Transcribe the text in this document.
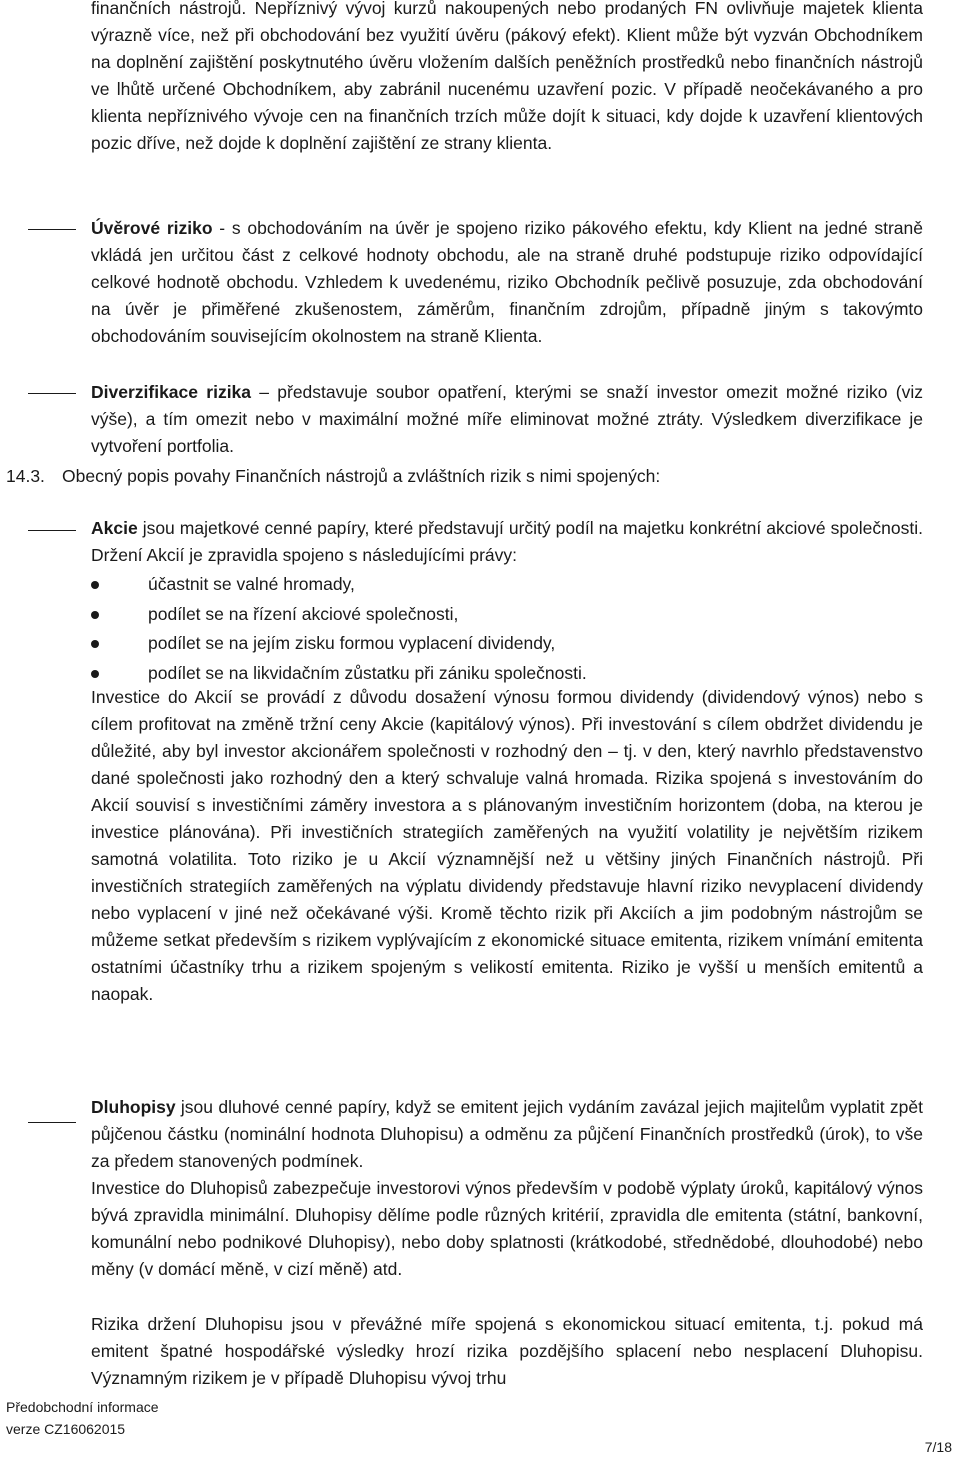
finančních nástrojů. Nepříznivý vývoj kurzů nakoupených nebo prodaných FN ovlivňuje majetek klienta výrazně více, než při obchodování bez využití úvěru (pákový efekt). Klient může být vyzván Obchodníkem na doplnění zajištění poskytnutého úvěru vložením dalších peněžních prostředků nebo finančních nástrojů ve lhůtě určené Obchodníkem, aby zabránil nucenému uzavření pozic. V případě neočekávaného a pro klienta nepříznivého vývoje cen na finančních trzích může dojít k situaci, kdy dojde k uzavření klientových pozic dříve, než dojde k doplnění zajištění ze strany klienta.

Úvěrové riziko - s obchodováním na úvěr je spojeno riziko pákového efektu, kdy Klient na jedné straně vkládá jen určitou část z celkové hodnoty obchodu, ale na straně druhé podstupuje riziko odpovídající celkové hodnotě obchodu. Vzhledem k uvedenému, riziko Obchodník pečlivě posuzuje, zda obchodování na úvěr je přiměřené zkušenostem, záměrům, finančním zdrojům, případně jiným s takovýmto obchodováním souvisejícím okolnostem na straně Klienta.

Diverzifikace rizika – představuje soubor opatření, kterými se snaží investor omezit možné riziko (viz výše), a tím omezit nebo v maximální možné míře eliminovat možné ztráty. Výsledkem diverzifikace je vytvoření portfolia.

14.3. Obecný popis povahy Finančních nástrojů a zvláštních rizik s nimi spojených:

Akcie jsou majetkové cenné papíry, které představují určitý podíl na majetku konkrétní akciové společnosti. Držení Akcií je zpravidla spojeno s následujícími právy:

účastnit se valné hromady,
podílet se na řízení akciové společnosti,
podílet se na jejím zisku formou vyplacení dividendy,
podílet se na likvidačním zůstatku při zániku společnosti.

Investice do Akcií se provádí z důvodu dosažení výnosu formou dividendy (dividendový výnos) nebo s cílem profitovat na změně tržní ceny Akcie (kapitálový výnos). Při investování s cílem obdržet dividendu je důležité, aby byl investor akcionářem společnosti v rozhodný den – tj. v den, který navrhlo představenstvo dané společnosti jako rozhodný den a který schvaluje valná hromada. Rizika spojená s investováním do Akcií souvisí s investičními záměry investora a s plánovaným investičním horizontem (doba, na kterou je investice plánována). Při investičních strategiích zaměřených na využití volatility je největším rizikem samotná volatilita. Toto riziko je u Akcií významnější než u většiny jiných Finančních nástrojů. Při investičních strategiích zaměřených na výplatu dividendy představuje hlavní riziko nevyplacení dividendy nebo vyplacení v jiné než očekávané výši. Kromě těchto rizik při Akciích a jim podobným nástrojům se můžeme setkat především s rizikem vyplývajícím z ekonomické situace emitenta, rizikem vnímání emitenta ostatními účastníky trhu a rizikem spojeným s velikostí emitenta. Riziko je vyšší u menších emitentů a naopak.

Dluhopisy jsou dluhové cenné papíry, když se emitent jejich vydáním zavázal jejich majitelům vyplatit zpět půjčenou částku (nominální hodnota Dluhopisu) a odměnu za půjčení Finančních prostředků (úrok), to vše za předem stanovených podmínek.

Investice do Dluhopisů zabezpečuje investorovi výnos především v podobě výplaty úroků, kapitálový výnos bývá zpravidla minimální. Dluhopisy dělíme podle různých kritérií, zpravidla dle emitenta (státní, bankovní, komunální nebo podnikové Dluhopisy), nebo doby splatnosti (krátkodobé, střednědobé, dlouhodobé) nebo měny (v domácí měně, v cizí měně) atd.

Rizika držení Dluhopisu jsou v převážné míře spojená s ekonomickou situací emitenta, t.j. pokud má emitent špatné hospodářské výsledky hrozí rizika pozdějšího splacení nebo nesplacení Dluhopisu. Významným rizikem je v případě Dluhopisu vývoj trhu

Předobchodní informace
verze CZ16062015
7/18
